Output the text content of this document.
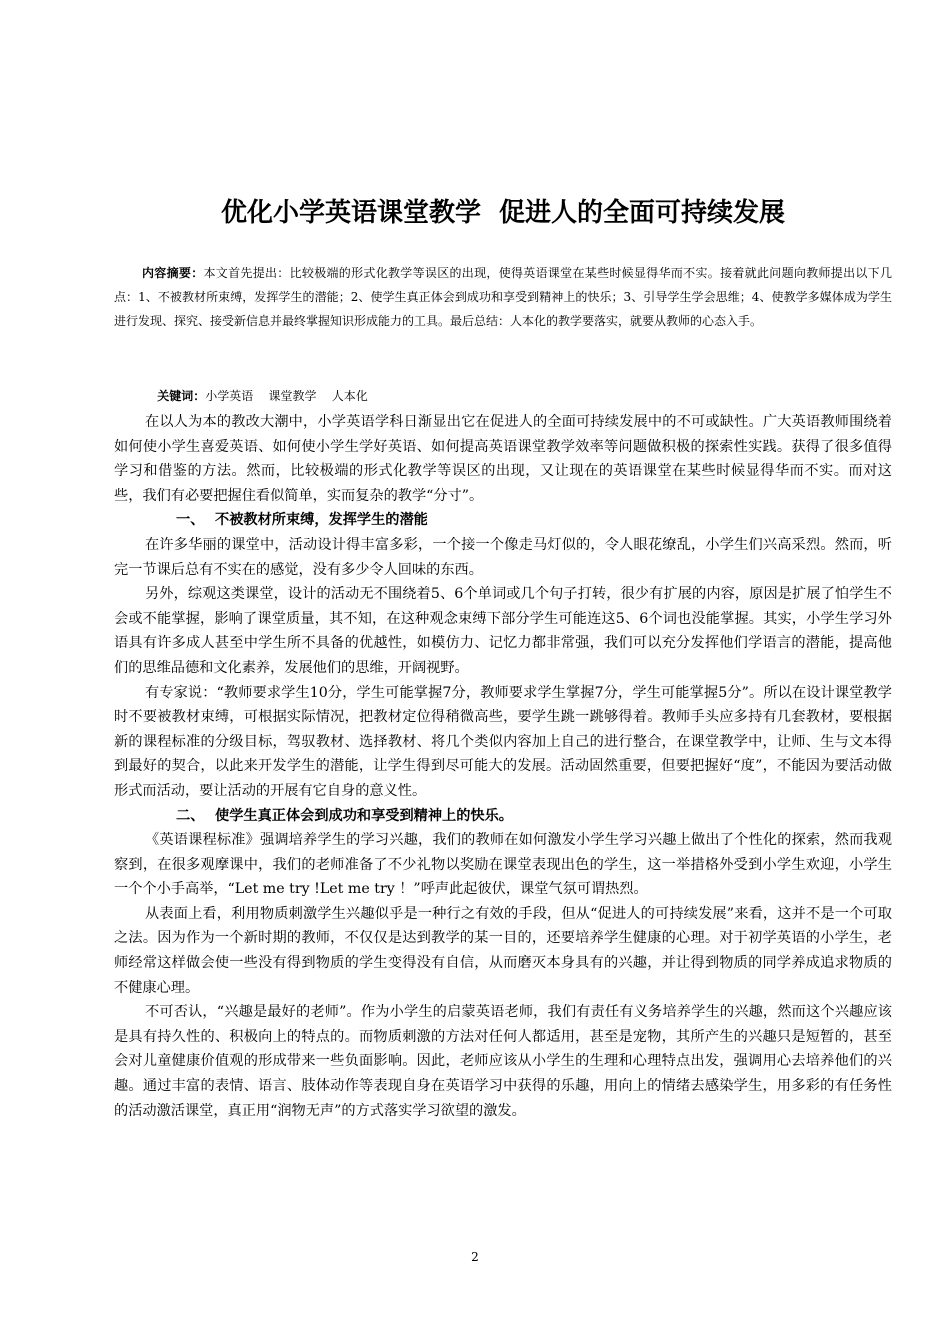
优化小学英语课堂教学  促进人的全面可持续发展
内容摘要：本文首先提出：比较极端的形式化教学等误区的出现，使得英语课堂在某些时候显得华而不实。接着就此问题向教师提出以下几点：1、不被教材所束缚，发挥学生的潜能；2、使学生真正体会到成功和享受到精神上的快乐；3、引导学生学会思维；4、使教学多媒体成为学生进行发现、探究、接受新信息并最终掌握知识形成能力的工具。最后总结：人本化的教学要落实，就要从教师的心态入手。

关键词：小学英语    课堂教学    人本化

在以人为本的教改大潮中，小学英语学科日渐显出它在促进人的全面可持续发展中的不可或缺性。广大英语教师围绕着如何使小学生喜爱英语、如何使小学生学好英语、如何提高英语课堂教学效率等问题做积极的探索性实践。获得了很多值得学习和借鉴的方法。然而，比较极端的形式化教学等误区的出现，又让现在的英语课堂在某些时候显得华而不实。而对这些，我们有必要把握住看似简单，实而复杂的教学“分寸”。

一、 不被教材所束缚，发挥学生的潜能

在许多华丽的课堂中，活动设计得丰富多彩，一个接一个像走马灯似的，令人眼花缭乱，小学生们兴高采烈。然而，听完一节课后总有不实在的感觉，没有多少令人回味的东西。

另外，综观这类课堂，设计的活动无不围绕着5、6个单词或几个句子打转，很少有扩展的内容，原因是扩展了怕学生不会或不能掌握，影响了课堂质量，其不知，在这种观念束缚下部分学生可能连这5、6个词也没能掌握。其实，小学生学习外语具有许多成人甚至中学生所不具备的优越性，如模仿力、记忆力都非常强，我们可以充分发挥他们学语言的潜能，提高他们的思维品德和文化素养，发展他们的思维，开阔视野。

有专家说：“教师要求学生10分，学生可能掌握7分，教师要求学生掌握7分，学生可能掌握5分”。所以在设计课堂教学时不要被教材束缚，可根据实际情况，把教材定位得稍微高些，要学生跳一跳够得着。教师手头应多持有几套教材，要根据新的课程标准的分级目标，驾驭教材、选择教材、将几个类似内容加上自己的进行整合，在课堂教学中，让师、生与文本得到最好的契合，以此来开发学生的潜能，让学生得到尽可能大的发展。活动固然重要，但要把握好“度”，不能因为要活动做形式而活动，要让活动的开展有它自身的意义性。

二、 使学生真正体会到成功和享受到精神上的快乐。

《英语课程标准》强调培养学生的学习兴趣，我们的教师在如何激发小学生学习兴趣上做出了个性化的探索，然而我观察到，在很多观摩课中，我们的老师准备了不少礼物以奖励在课堂表现出色的学生，这一举措格外受到小学生欢迎，小学生一个个小手高举，“Let me try !Let me try ！”呼声此起彼伏，课堂气氛可谓热烈。

从表面上看，利用物质刺激学生兴趣似乎是一种行之有效的手段，但从“促进人的可持续发展”来看，这并不是一个可取之法。因为作为一个新时期的教师，不仅仅是达到教学的某一目的，还要培养学生健康的心理。对于初学英语的小学生，老师经常这样做会使一些没有得到物质的学生变得没有自信，从而磨灭本身具有的兴趣，并让得到物质的同学养成追求物质的不健康心理。

不可否认，“兴趣是最好的老师”。作为小学生的启蒙英语老师，我们有责任有义务培养学生的兴趣，然而这个兴趣应该是具有持久性的、积极向上的特点的。而物质刺激的方法对任何人都适用，甚至是宠物，其所产生的兴趣只是短暂的，甚至会对儿童健康价值观的形成带来一些负面影响。因此，老师应该从小学生的生理和心理特点出发，强调用心去培养他们的兴趣。通过丰富的表情、语言、肢体动作等表现自身在英语学习中获得的乐趣，用向上的情绪去感染学生，用多彩的有任务性的活动激活课堂，真正用“润物无声”的方式落实学习欲望的激发。

2
